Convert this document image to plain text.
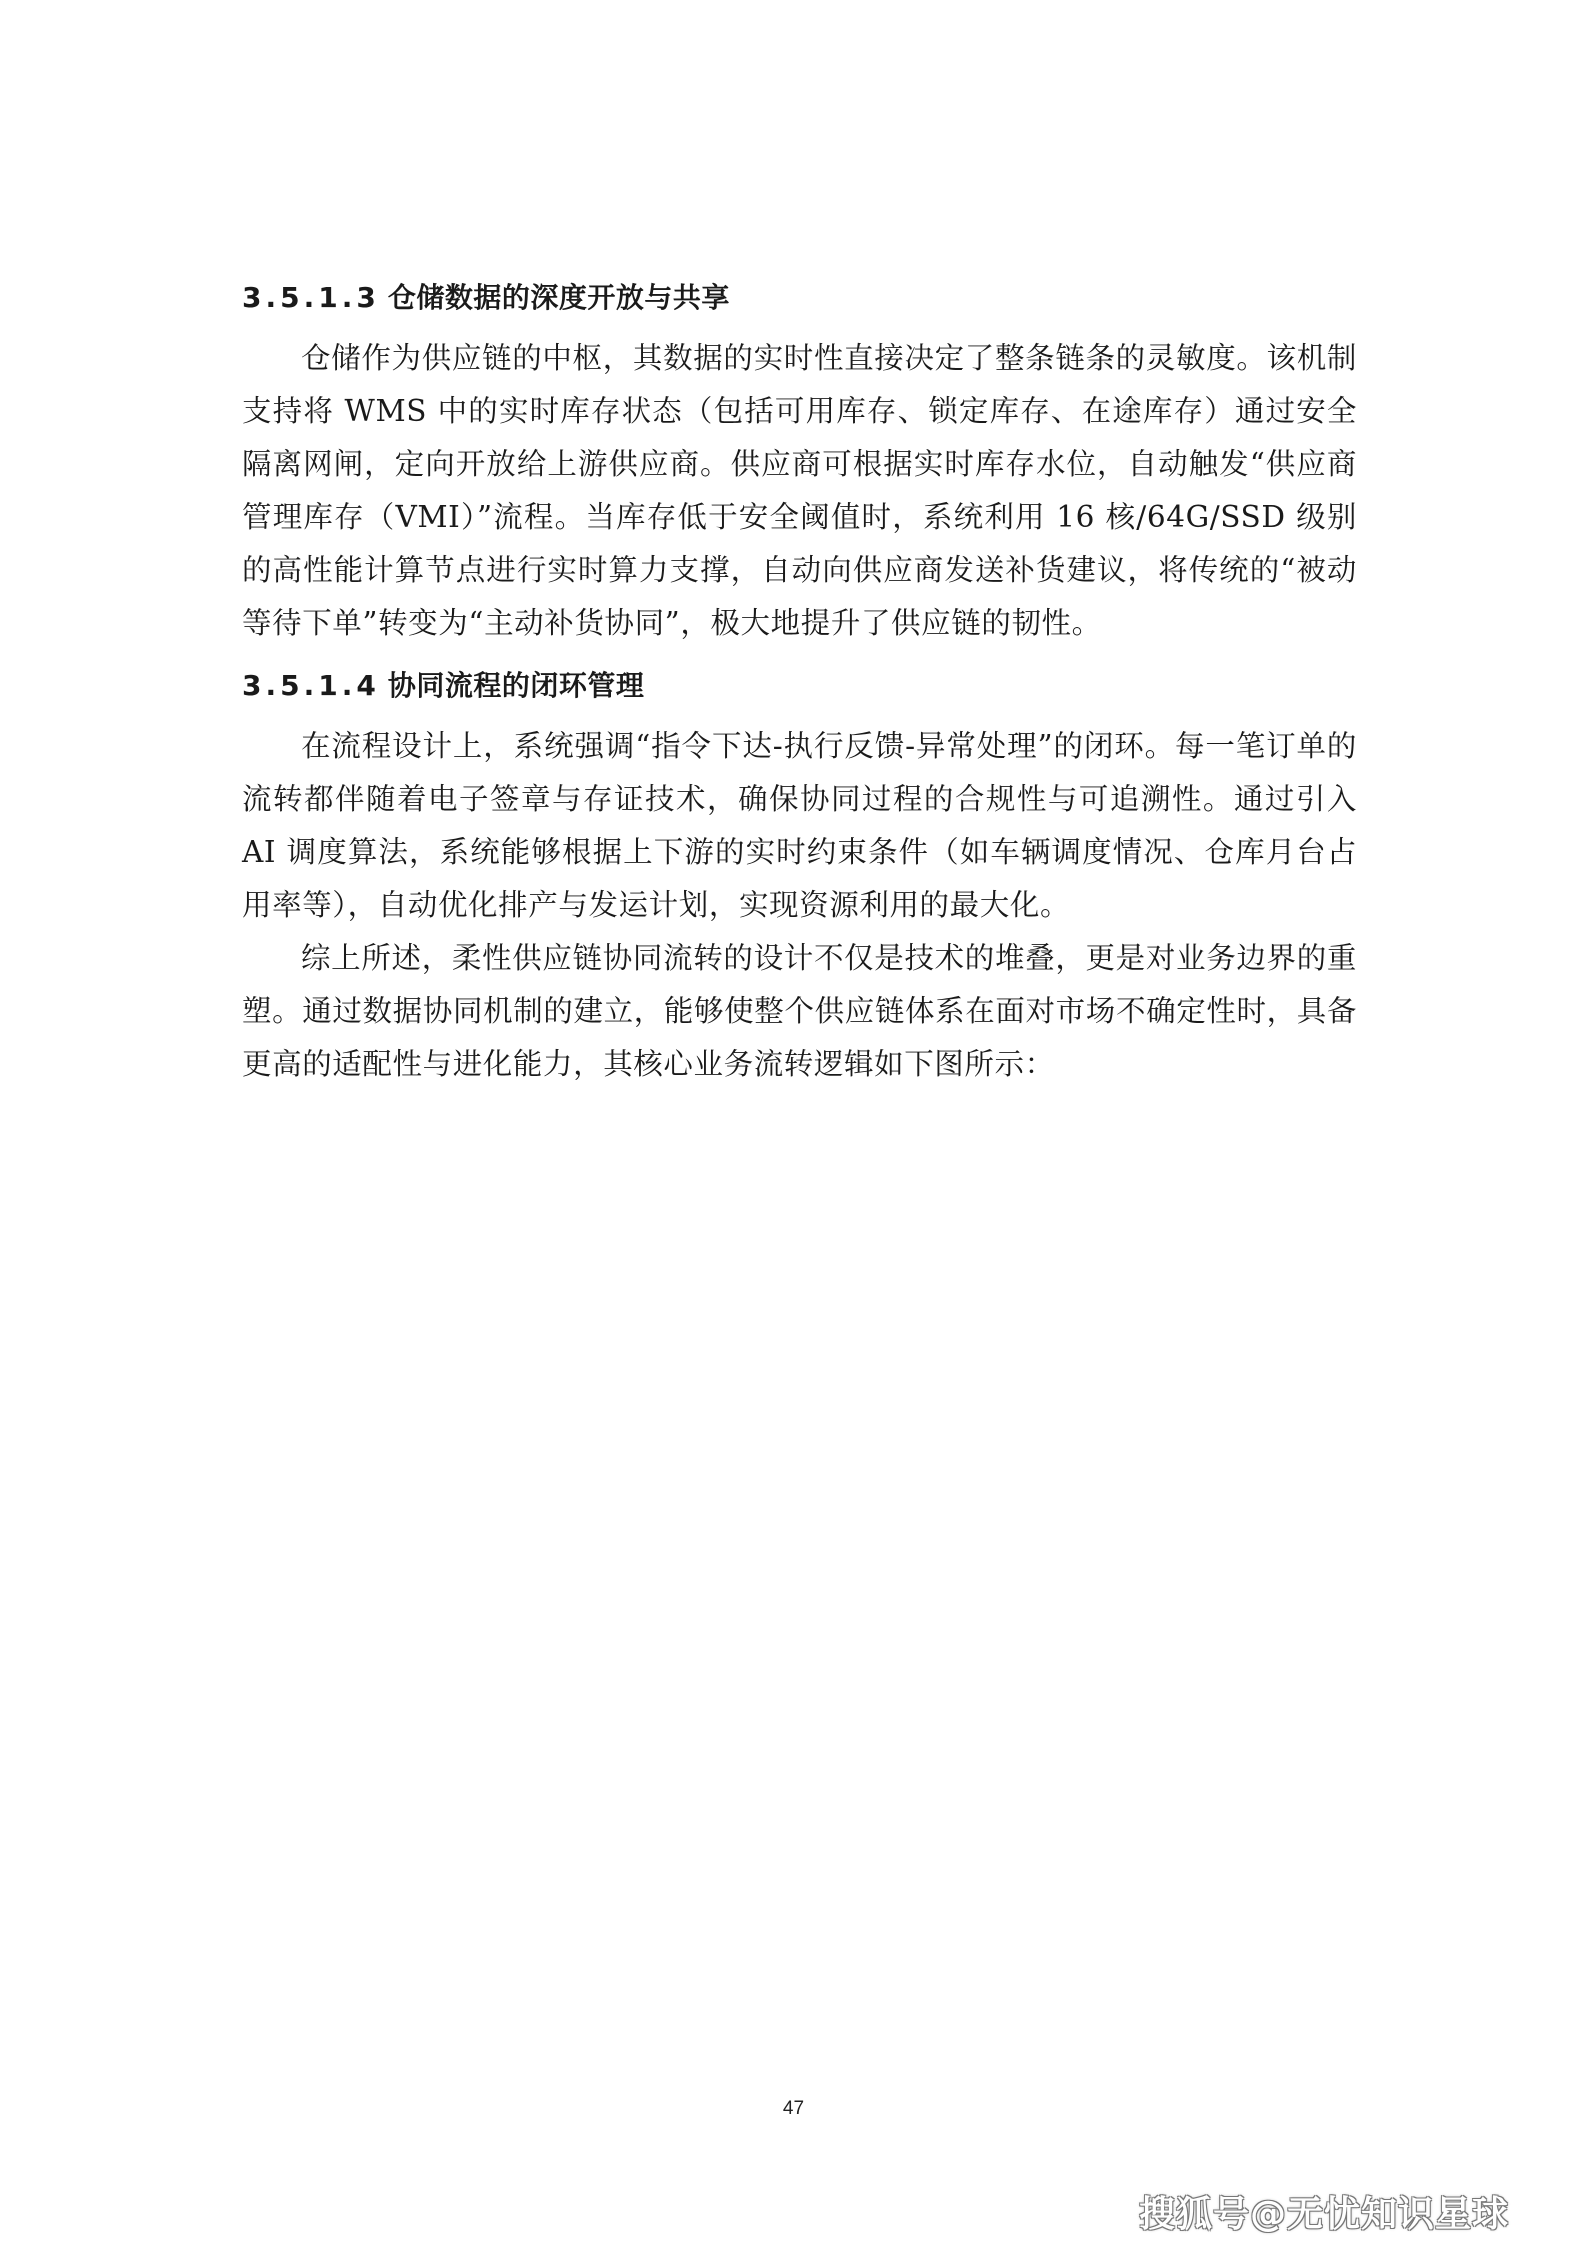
3.5.1.3 仓储数据的深度开放与共享

仓储作为供应链的中枢，其数据的实时性直接决定了整条链条的灵敏度。该机制支持将 WMS 中的实时库存状态（包括可用库存、锁定库存、在途库存）通过安全隔离网闸，定向开放给上游供应商。供应商可根据实时库存水位，自动触发“供应商管理库存（VMI）”流程。当库存低于安全阈值时，系统利用 16 核/64G/SSD 级别的高性能计算节点进行实时算力支撑，自动向供应商发送补货建议，将传统的“被动等待下单”转变为“主动补货协同”，极大地提升了供应链的韧性。

3.5.1.4 协同流程的闭环管理

在流程设计上，系统强调“指令下达-执行反馈-异常处理”的闭环。每一笔订单的流转都伴随着电子签章与存证技术，确保协同过程的合规性与可追溯性。通过引入 AI 调度算法，系统能够根据上下游的实时约束条件（如车辆调度情况、仓库月台占用率等），自动优化排产与发运计划，实现资源利用的最大化。

综上所述，柔性供应链协同流转的设计不仅是技术的堆叠，更是对业务边界的重塑。通过数据协同机制的建立，能够使整个供应链体系在面对市场不确定性时，具备更高的适配性与进化能力，其核心业务流转逻辑如下图所示：

47
搜狐号@无忧知识星球
